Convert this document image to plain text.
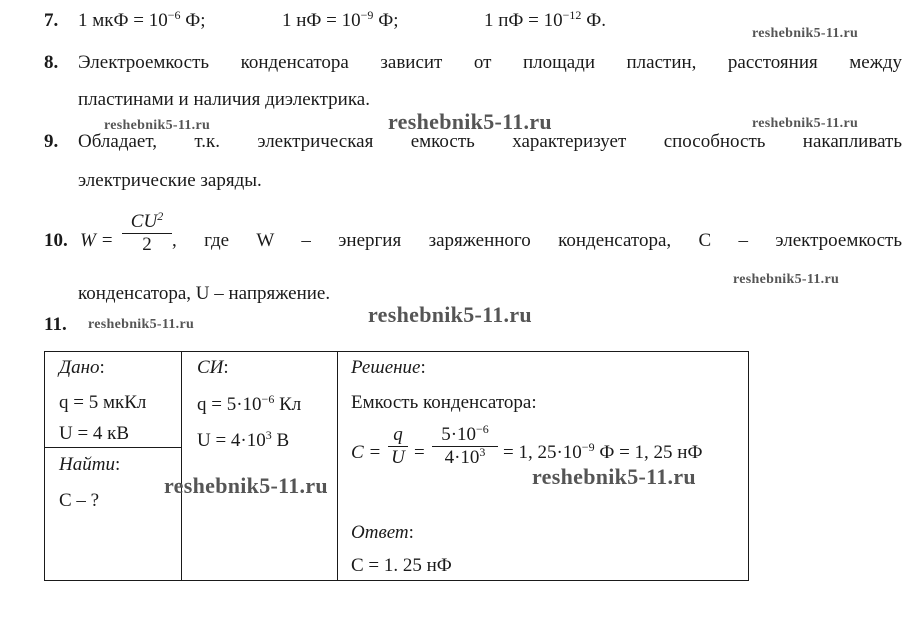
7. 1 мкФ = $10^{-6}$ Ф;	1 нФ = $10^{-9}$ Ф;	1 пФ = $10^{-12}$ Ф.
8. Электроемкость конденсатора зависит от площади пластин, расстояния между
пластинами и наличия диэлектрика.
9. Обладает, т.к. электрическая емкость характеризует способность накапливать
электрические заряды.
10. W =
$CU^2$
2	, где W – энергия заряженного конденсатора, C – электроемкость
конденсатора, U – напряжение.
11.
Дано:
q = 5 мкКл
U = 4 кВ
Найти:
C – ?
СИ:
$q = 5\cdot 10^{-6}$ Кл
$U = 4\cdot 10^3$ В
Решение:
Емкость конденсатора:
C =
q
U =
$5\cdot 10^{-6}$
$4\cdot 10^3 = 1$, $25\cdot 10^{-9}$ Ф = 1, 25 нФ
Ответ:
C = 1. 25 нФ
reshebnik5-11.ru
reshebnik5-11.ru	reshebnik5-11.ru	reshebnik5-11.ru
reshebnik5-11.ru
reshebnik5-11.ru	reshebnik5-11.ru
reshebnik5-11.ru	reshebnik5-11.ru
